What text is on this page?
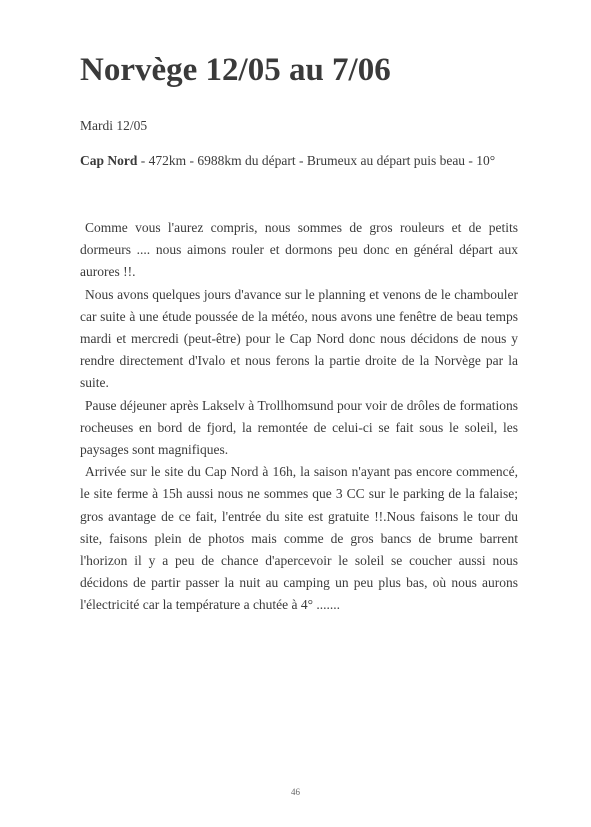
Norvège 12/05 au 7/06
Mardi 12/05
Cap Nord - 472km - 6988km du départ - Brumeux au départ puis beau - 10°

Comme vous l'aurez compris, nous sommes de gros rouleurs et de petits dormeurs .... nous aimons rouler et dormons peu donc en général départ aux aurores !!.

Nous avons quelques jours d'avance sur le planning et venons de le chambouler car suite à une étude poussée de la météo, nous avons une fenêtre de beau temps mardi et mercredi (peut-être) pour le Cap Nord donc nous décidons de nous y rendre directement d'Ivalo et nous ferons la partie droite de la Norvège par la suite.

Pause déjeuner après Lakselv à Trollhomsund pour voir de drôles de formations rocheuses en bord de fjord, la remontée de celui-ci se fait sous le soleil, les paysages sont magnifiques.

Arrivée sur le site du Cap Nord à 16h, la saison n'ayant pas encore commencé, le site ferme à 15h aussi nous ne sommes que 3 CC sur le parking de la falaise; gros avantage de ce fait, l'entrée du site est gratuite !!.Nous faisons le tour du site, faisons plein de photos mais comme de gros bancs de brume barrent l'horizon il y a peu de chance d'apercevoir le soleil se coucher aussi nous décidons de partir passer la nuit au camping un peu plus bas, où nous aurons l'électricité car la température a chutée à 4° .......

46
